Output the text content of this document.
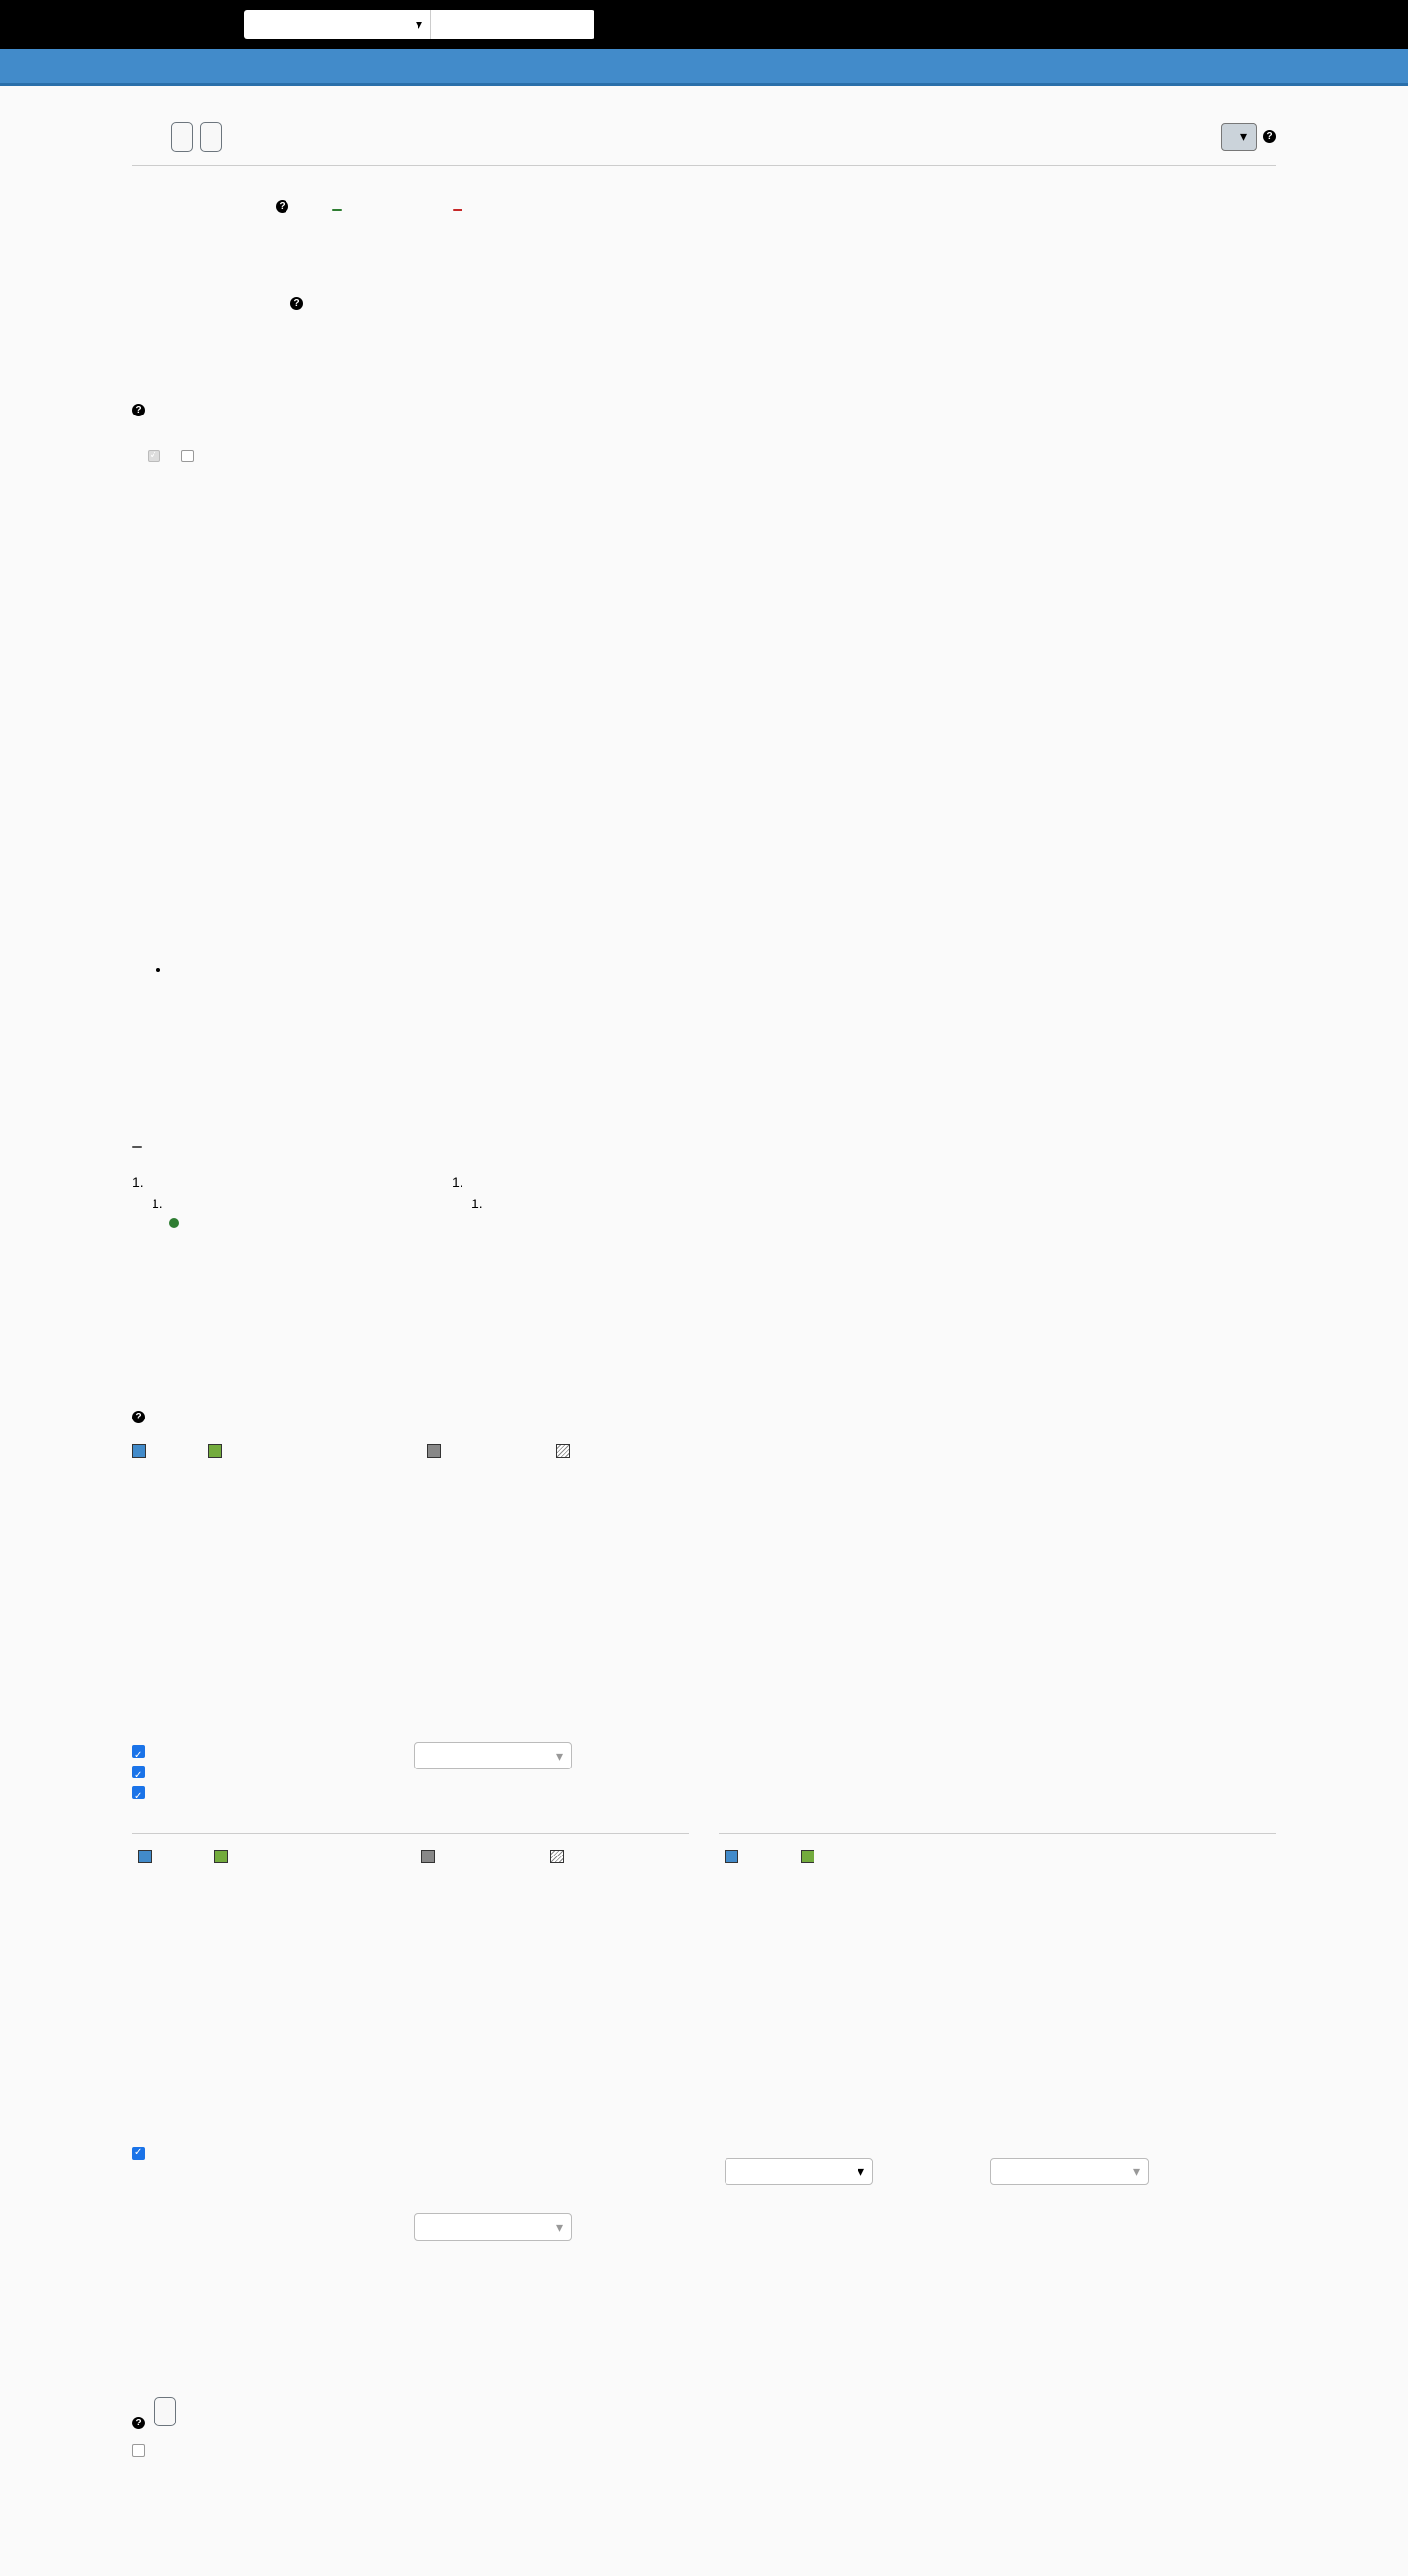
▾

▾	?
?
?

?
✓
•

1.
1.
1.
1.
?
✓
✓
✓
▾
✓
▾
▾	▾
?
